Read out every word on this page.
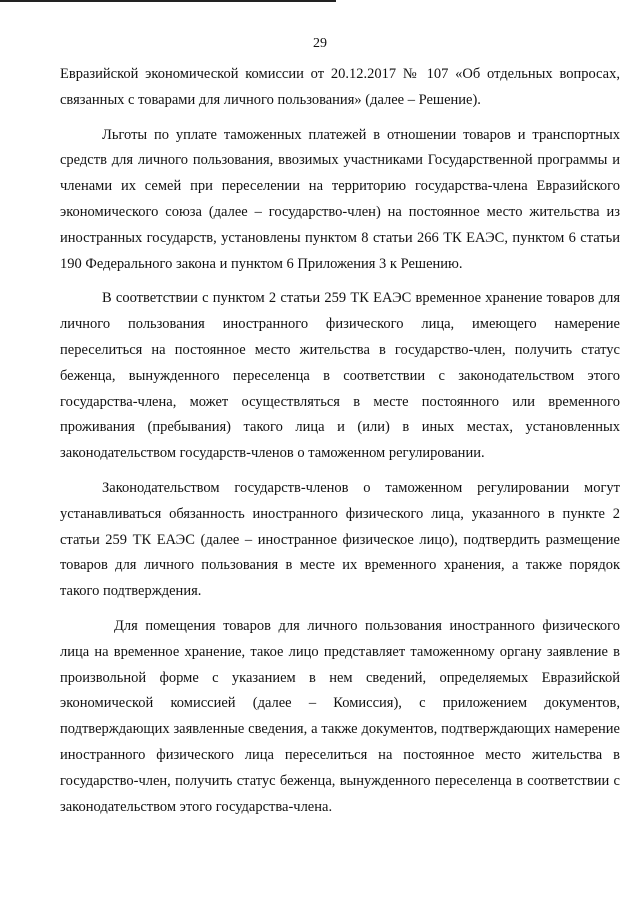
29

Евразийской экономической комиссии от 20.12.2017 № 107 «Об отдельных вопросах, связанных с товарами для личного пользования» (далее – Решение).

Льготы по уплате таможенных платежей в отношении товаров и транспортных средств для личного пользования, ввозимых участниками Государственной программы и членами их семей при переселении на территорию государства-члена Евразийского экономического союза (далее – государство-член) на постоянное место жительства из иностранных государств, установлены пунктом 8 статьи 266 ТК ЕАЭС, пунктом 6 статьи 190 Федерального закона и пунктом 6 Приложения 3 к Решению.

В соответствии с пунктом 2 статьи 259 ТК ЕАЭС временное хранение товаров для личного пользования иностранного физического лица, имеющего намерение переселиться на постоянное место жительства в государство-член, получить статус беженца, вынужденного переселенца в соответствии с законодательством этого государства-члена, может осуществляться в месте постоянного или временного проживания (пребывания) такого лица и (или) в иных местах, установленных законодательством государств-членов о таможенном регулировании.

Законодательством государств-членов о таможенном регулировании могут устанавливаться обязанность иностранного физического лица, указанного в пункте 2 статьи 259 ТК ЕАЭС (далее – иностранное физическое лицо), подтвердить размещение товаров для личного пользования в месте их временного хранения, а также порядок такого подтверждения.

Для помещения товаров для личного пользования иностранного физического лица на временное хранение, такое лицо представляет таможенному органу заявление в произвольной форме с указанием в нем сведений, определяемых Евразийской экономической комиссией (далее – Комиссия), с приложением документов, подтверждающих заявленные сведения, а также документов, подтверждающих намерение иностранного физического лица переселиться на постоянное место жительства в государство-член, получить статус беженца, вынужденного переселенца в соответствии с законодательством этого государства-члена.
